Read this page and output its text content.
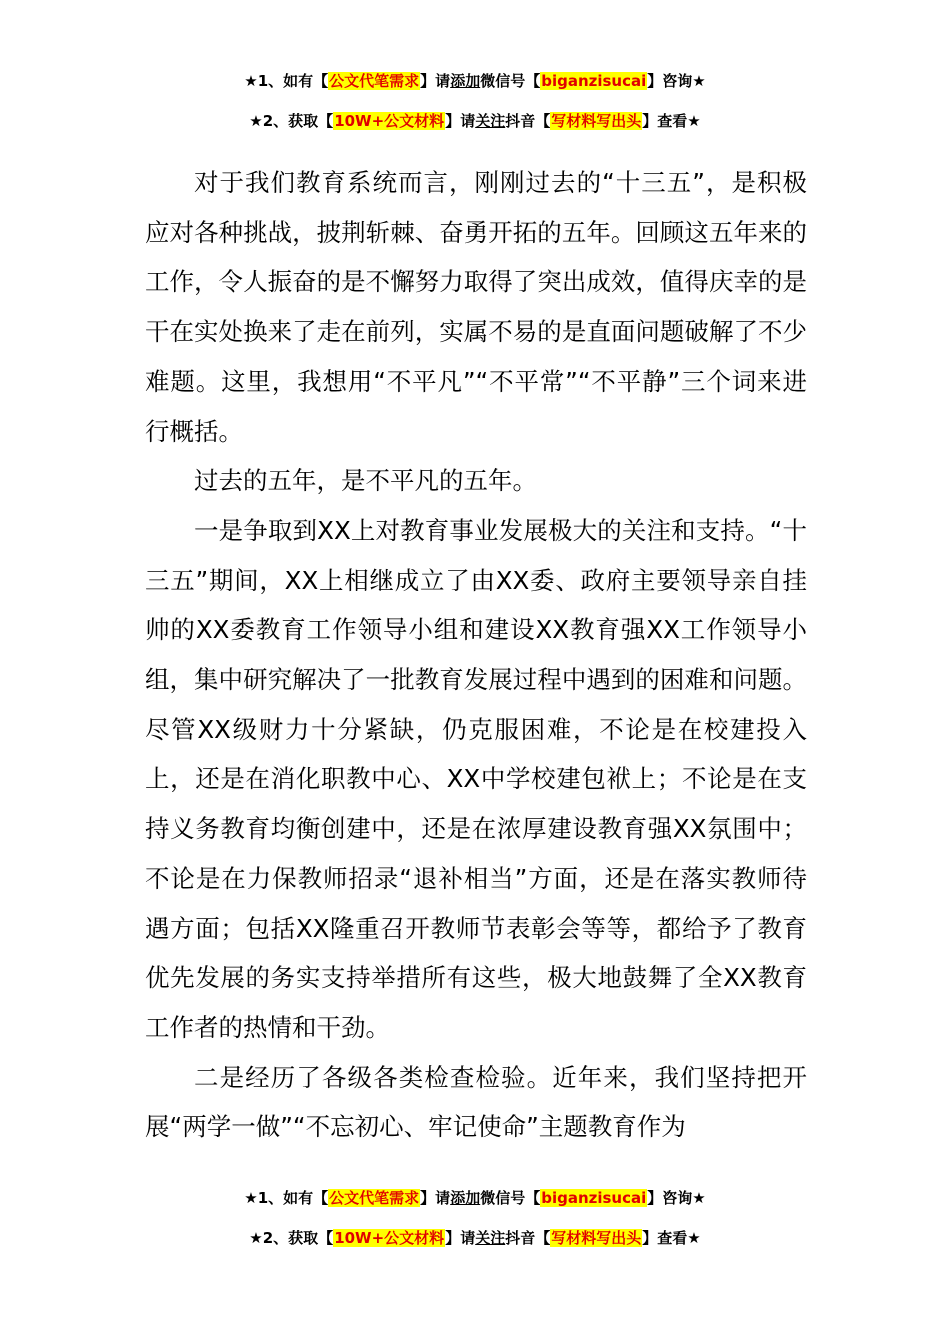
★1、如有【公文代笔需求】请添加微信号【biganzisucai】咨询★
★2、获取【10W+公文材料】请关注抖音【写材料写出头】查看★

对于我们教育系统而言，刚刚过去的“十三五”，是积极应对各种挑战，披荆斩棘、奋勇开拓的五年。回顾这五年来的工作，令人振奋的是不懈努力取得了突出成效，值得庆幸的是干在实处换来了走在前列，实属不易的是直面问题破解了不少难题。这里，我想用“不平凡”“不平常”“不平静”三个词来进行概括。

过去的五年，是不平凡的五年。

一是争取到XX上对教育事业发展极大的关注和支持。“十三五”期间，XX上相继成立了由XX委、政府主要领导亲自挂帅的XX委教育工作领导小组和建设XX教育强XX工作领导小组，集中研究解决了一批教育发展过程中遇到的困难和问题。尽管XX级财力十分紧缺，仍克服困难，不论是在校建投入上，还是在消化职教中心、XX中学校建包袱上；不论是在支持义务教育均衡创建中，还是在浓厚建设教育强XX氛围中；不论是在力保教师招录“退补相当”方面，还是在落实教师待遇方面；包括XX隆重召开教师节表彰会等等，都给予了教育优先发展的务实支持举措所有这些，极大地鼓舞了全XX教育工作者的热情和干劲。

二是经历了各级各类检查检验。近年来，我们坚持把开展“两学一做”“不忘初心、牢记使命”主题教育作为

★1、如有【公文代笔需求】请添加微信号【biganzisucai】咨询★
★2、获取【10W+公文材料】请关注抖音【写材料写出头】查看★
